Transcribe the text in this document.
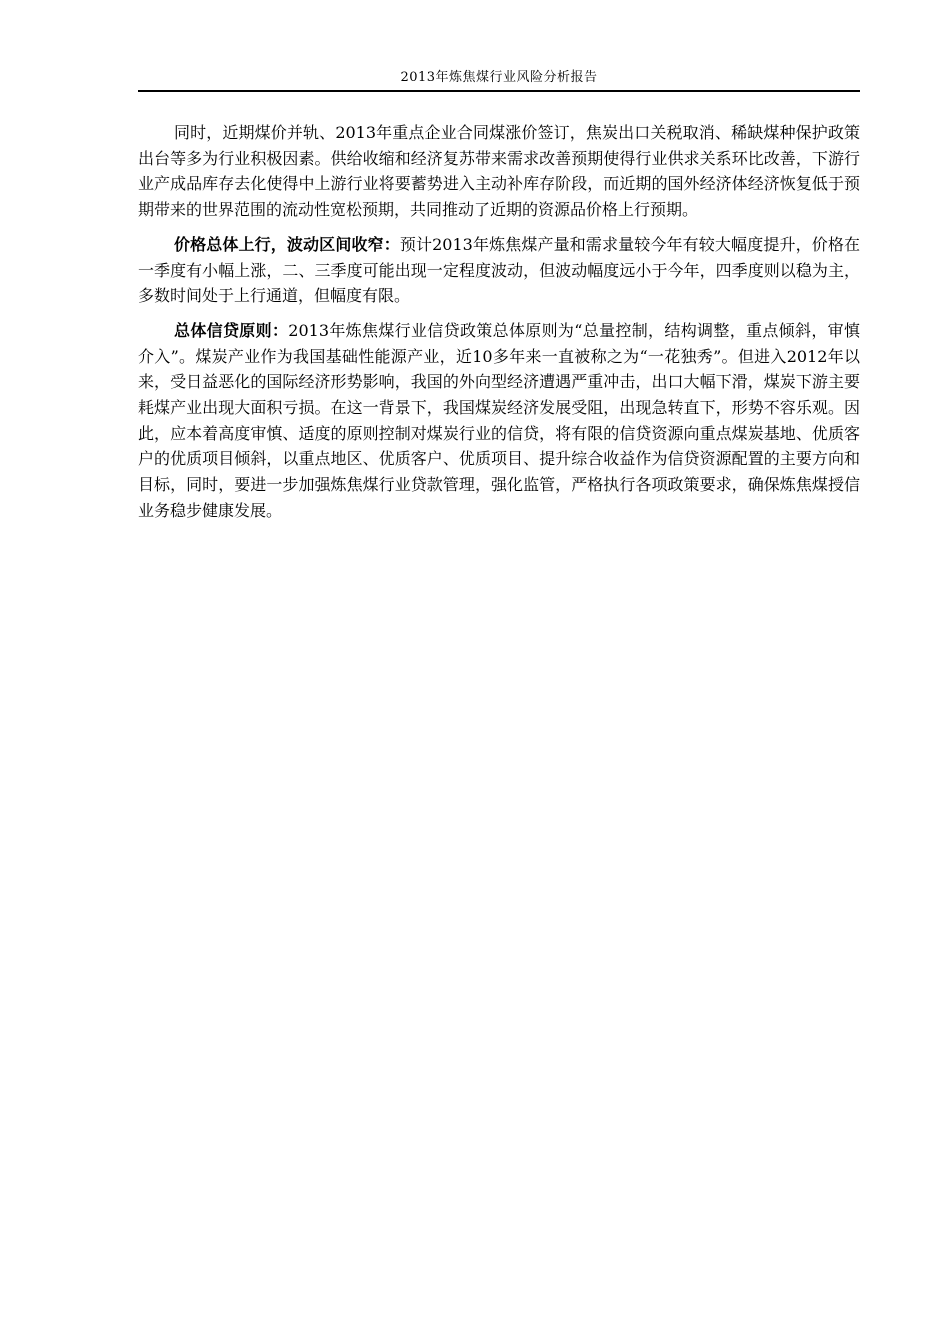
2013年炼焦煤行业风险分析报告

同时，近期煤价并轨、2013年重点企业合同煤涨价签订，焦炭出口关税取消、稀缺煤种保护政策出台等多为行业积极因素。供给收缩和经济复苏带来需求改善预期使得行业供求关系环比改善，下游行业产成品库存去化使得中上游行业将要蓄势进入主动补库存阶段，而近期的国外经济体经济恢复低于预期带来的世界范围的流动性宽松预期，共同推动了近期的资源品价格上行预期。

价格总体上行，波动区间收窄：预计2013年炼焦煤产量和需求量较今年有较大幅度提升，价格在一季度有小幅上涨，二、三季度可能出现一定程度波动，但波动幅度远小于今年，四季度则以稳为主，多数时间处于上行通道，但幅度有限。

总体信贷原则：2013年炼焦煤行业信贷政策总体原则为“总量控制，结构调整，重点倾斜，审慎介入”。煤炭产业作为我国基础性能源产业，近10多年来一直被称之为“一花独秀”。但进入2012年以来，受日益恶化的国际经济形势影响，我国的外向型经济遭遇严重冲击，出口大幅下滑，煤炭下游主要耗煤产业出现大面积亏损。在这一背景下，我国煤炭经济发展受阻，出现急转直下，形势不容乐观。因此，应本着高度审慎、适度的原则控制对煤炭行业的信贷，将有限的信贷资源向重点煤炭基地、优质客户的优质项目倾斜，以重点地区、优质客户、优质项目、提升综合收益作为信贷资源配置的主要方向和目标，同时，要进一步加强炼焦煤行业贷款管理，强化监管，严格执行各项政策要求，确保炼焦煤授信业务稳步健康发展。
